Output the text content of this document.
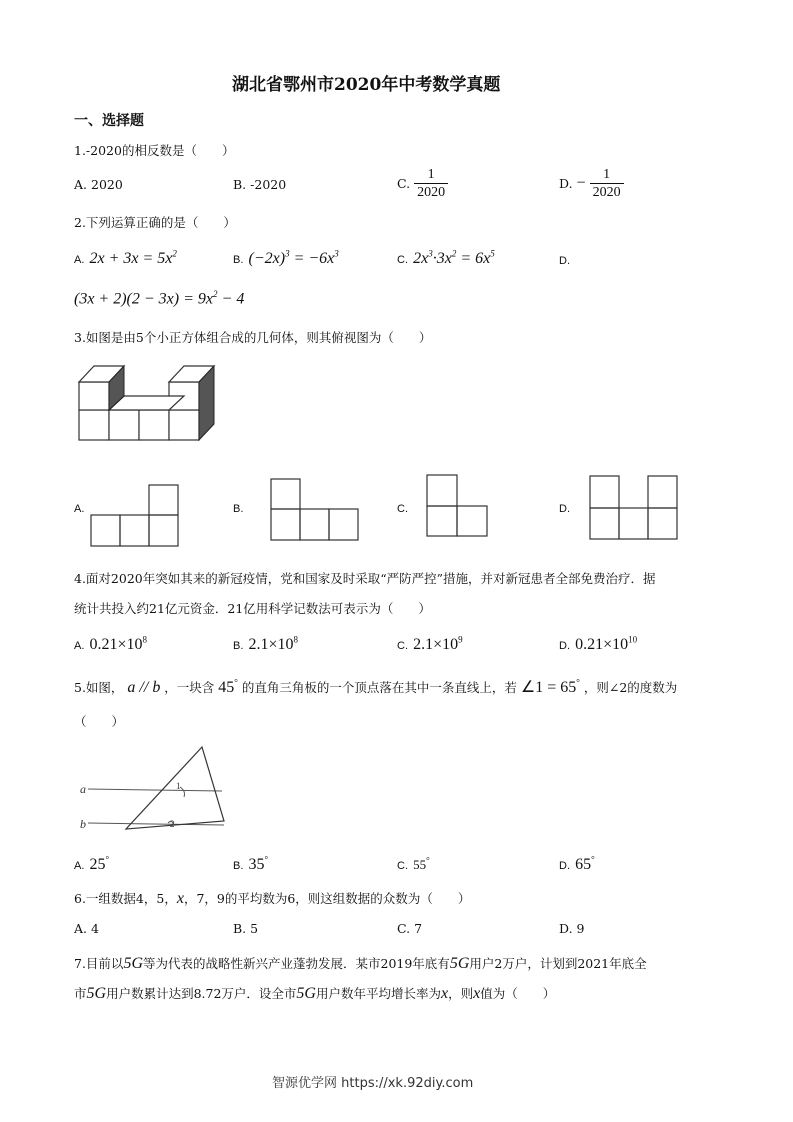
湖北省鄂州市2020年中考数学真题
一、选择题
1.-2020的相反数是（　　）
A. 2020	B. -2020	C. $\frac{1}{2020}$	D. − $\frac{1}{2020}$
2.下列运算正确的是（　　）
A. $2x + 3x = 5x^2$
B. $(-2x)^3 = -6x^3$
C. $2x^3\cdot 3x^2 = 6x^5$
D.
$(3x + 2)(2 - 3x) = 9x^2 - 4$
3.如图是由5个小正方体组合成的几何体，则其俯视图为（　　）
A.	B.	C.	D.
4.面对2020年突如其来的新冠疫情，党和国家及时采取“严防严控”措施，并对新冠患者全部免费治疗．据
统计共投入约21亿元资金．21亿用科学记数法可表示为（　　）
A. $0.21\times 10^8$
B. $2.1\times 10^8$
C. $2.1\times 10^9$
D. $0.21\times 10^{10}$
5.如图， a // b ，一块含 45° 的直角三角板的一个顶点落在其中一条直线上，若 ∠1 = 65° ，则∠2的度数为
（　　）
a
b
1
2
A. 25°
B. 35°
C. 55°	D. 65°
6.一组数据4，5，x，7，9的平均数为6，则这组数据的众数为（　　）
A. 4	B. 5	C. 7	D. 9
7.目前以5G等为代表的战略性新兴产业蓬勃发展．某市2019年底有5G用户2万户，计划到2021年底全
市5G用户数累计达到8.72万户．设全市5G用户数年平均增长率为x，则x值为（　　）
智源优学网 https://xk.92diy.com
